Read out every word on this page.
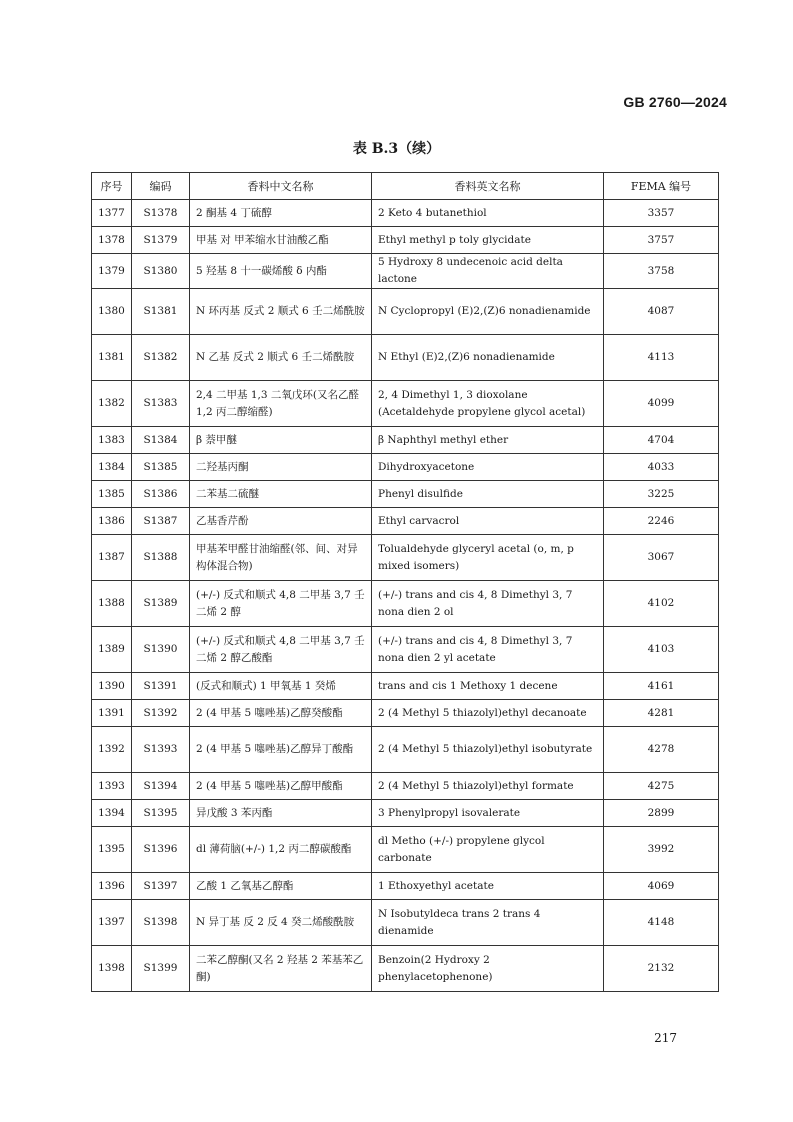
GB 2760—2024
表 B.3（续）
序号	编码	香料中文名称	香料英文名称	FEMA 编号
1377	S1378	2 酮基 4 丁硫醇	2 Keto 4 butanethiol	3357
1378	S1379	甲基 对 甲苯缩水甘油酸乙酯	Ethyl methyl p toly glycidate	3757
1379	S1380	5 羟基 8 十一碳烯酸 δ 内酯	5 Hydroxy 8 undecenoic acid delta lactone	3758
1380	S1381	N 环丙基 反式 2 顺式 6 壬二烯酰胺	N Cyclopropyl (E)2,(Z)6 nonadienamide	4087
1381	S1382	N 乙基 反式 2 顺式 6 壬二烯酰胺	N Ethyl (E)2,(Z)6 nonadienamide	4113
1382	S1383	2,4 二甲基 1,3 二氧戊环(又名乙醛 1,2 丙二醇缩醛)	2, 4 Dimethyl 1, 3 dioxolane (Acetaldehyde propylene glycol acetal)	4099
1383	S1384	β 萘甲醚	β Naphthyl methyl ether	4704
1384	S1385	二羟基丙酮	Dihydroxyacetone	4033
1385	S1386	二苯基二硫醚	Phenyl disulfide	3225
1386	S1387	乙基香芹酚	Ethyl carvacrol	2246
1387	S1388	甲基苯甲醛甘油缩醛(邻、间、对异构体混合物)	Tolualdehyde glyceryl acetal (o, m, p mixed isomers)	3067
1388	S1389	(+/-) 反式和顺式 4,8 二甲基 3,7 壬二烯 2 醇	(+/-) trans and cis 4, 8 Dimethyl 3, 7 nona dien 2 ol	4102
1389	S1390	(+/-) 反式和顺式 4,8 二甲基 3,7 壬二烯 2 醇乙酸酯	(+/-) trans and cis 4, 8 Dimethyl 3, 7 nona dien 2 yl acetate	4103
1390	S1391	(反式和顺式) 1 甲氧基 1 癸烯	trans and cis 1 Methoxy 1 decene	4161
1391	S1392	2 (4 甲基 5 噻唑基)乙醇癸酸酯	2 (4 Methyl 5 thiazolyl)ethyl decanoate	4281
1392	S1393	2 (4 甲基 5 噻唑基)乙醇异丁酸酯	2 (4 Methyl 5 thiazolyl)ethyl isobutyrate	4278
1393	S1394	2 (4 甲基 5 噻唑基)乙醇甲酸酯	2 (4 Methyl 5 thiazolyl)ethyl formate	4275
1394	S1395	异戊酸 3 苯丙酯	3 Phenylpropyl isovalerate	2899
1395	S1396	dl 薄荷脑(+/-) 1,2 丙二醇碳酸酯	dl Metho (+/-) propylene glycol carbonate	3992
1396	S1397	乙酸 1 乙氧基乙醇酯	1 Ethoxyethyl acetate	4069
1397	S1398	N 异丁基 反 2 反 4 癸二烯酸酰胺	N Isobutyldeca trans 2 trans 4 dienamide	4148
1398	S1399	二苯乙醇酮(又名 2 羟基 2 苯基苯乙酮)	Benzoin(2 Hydroxy 2 phenylacetophenone)	2132
217
